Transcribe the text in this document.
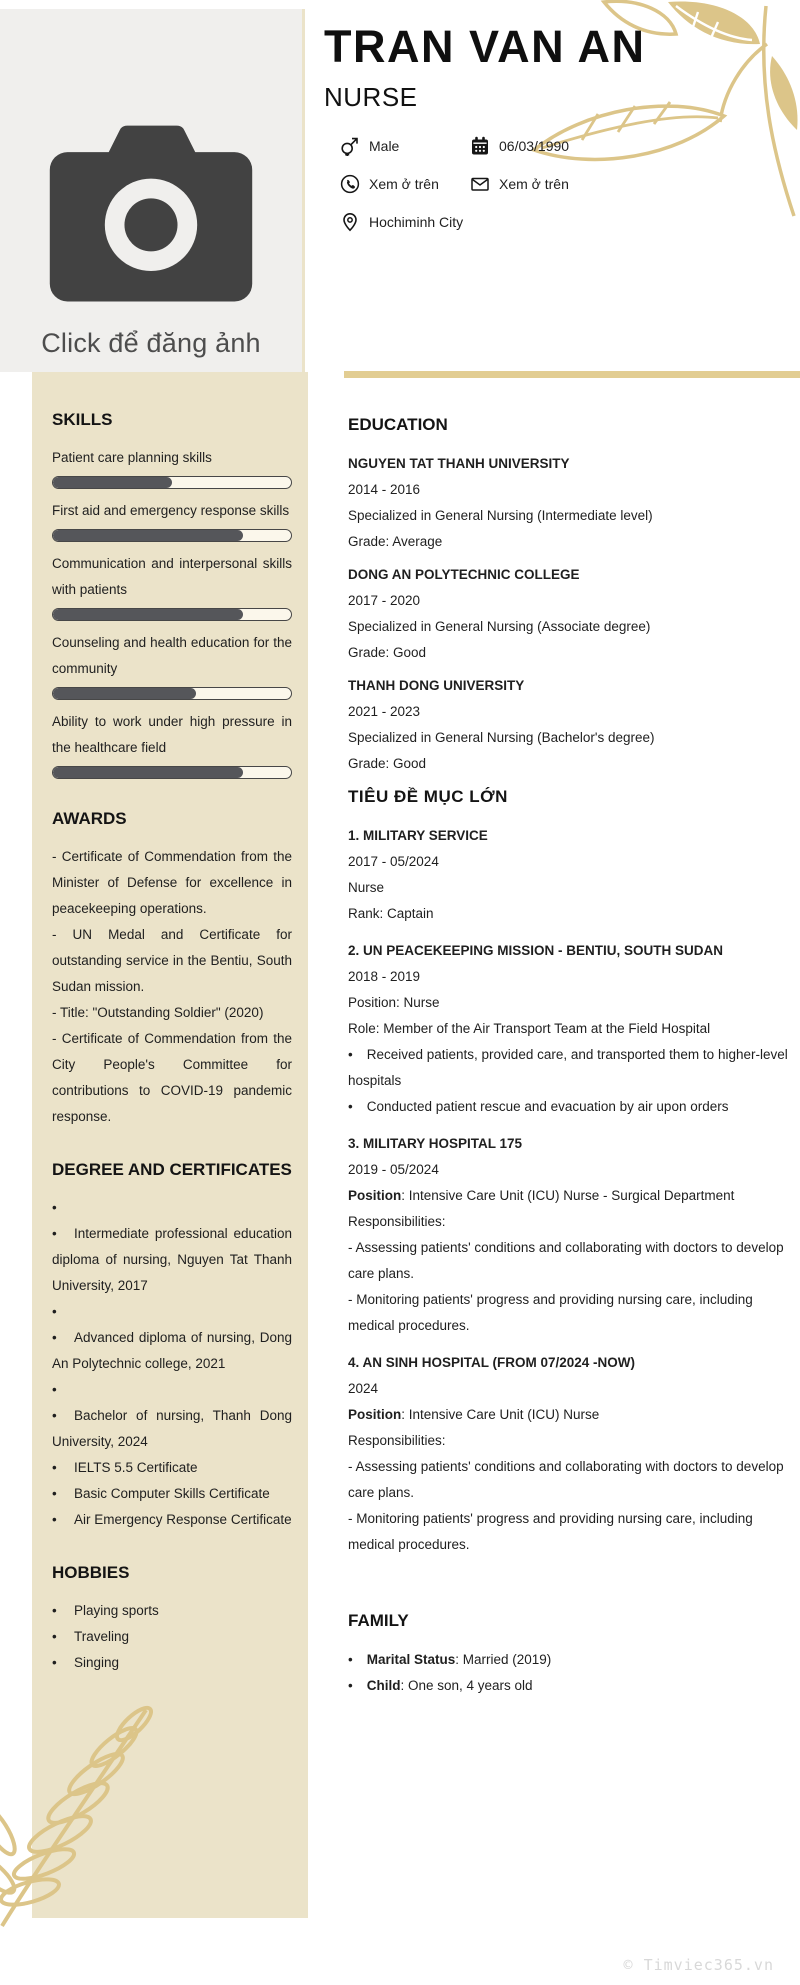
Click để đăng ảnh
TRAN VAN AN
NURSE
Male	06/03/1990
Xem ở trên	Xem ở trên
Hochiminh City
SKILLS
Patient care planning skills
First aid and emergency response skills
Communication and interpersonal skills with patients
Counseling and health education for the community
Ability to work under high pressure in the healthcare field
AWARDS

- Certificate of Commendation from the Minister of Defense for excellence in peacekeeping operations.

- UN Medal and Certificate for outstanding service in the Bentiu, South Sudan mission.

- Title: "Outstanding Soldier" (2020)

- Certificate of Commendation from the City People's Committee for contributions to COVID-19 pandemic response.

DEGREE AND CERTIFICATES
•
• Intermediate professional education diploma of nursing, Nguyen Tat Thanh University, 2017
•
• Advanced diploma of nursing, Dong An Polytechnic college, 2021
•
• Bachelor of nursing, Thanh Dong University, 2024
• IELTS 5.5 Certificate
• Basic Computer Skills Certificate
• Air Emergency Response Certificate
HOBBIES
• Playing sports
• Traveling
• Singing
EDUCATION
NGUYEN TAT THANH UNIVERSITY
2014 - 2016
Specialized in General Nursing (Intermediate level)
Grade: Average
DONG AN POLYTECHNIC COLLEGE
2017 - 2020
Specialized in General Nursing (Associate degree)
Grade: Good
THANH DONG UNIVERSITY
2021 - 2023
Specialized in General Nursing (Bachelor's degree)
Grade: Good
TIÊU ĐỀ MỤC LỚN
1. MILITARY SERVICE
2017 - 05/2024
Nurse
Rank: Captain
2. UN PEACEKEEPING MISSION - BENTIU, SOUTH SUDAN
2018 - 2019
Position: Nurse
Role: Member of the Air Transport Team at the Field Hospital
• Received patients, provided care, and transported them to higher-level hospitals
• Conducted patient rescue and evacuation by air upon orders
3. MILITARY HOSPITAL 175
2019 - 05/2024
Position: Intensive Care Unit (ICU) Nurse - Surgical Department
Responsibilities:
- Assessing patients' conditions and collaborating with doctors to develop care plans.
- Monitoring patients' progress and providing nursing care, including medical procedures.
4. AN SINH HOSPITAL (FROM 07/2024 -NOW)
2024
Position: Intensive Care Unit (ICU) Nurse
Responsibilities:
- Assessing patients' conditions and collaborating with doctors to develop care plans.
- Monitoring patients' progress and providing nursing care, including medical procedures.
FAMILY
• Marital Status: Married (2019)
• Child: One son, 4 years old
© Timviec365.vn
